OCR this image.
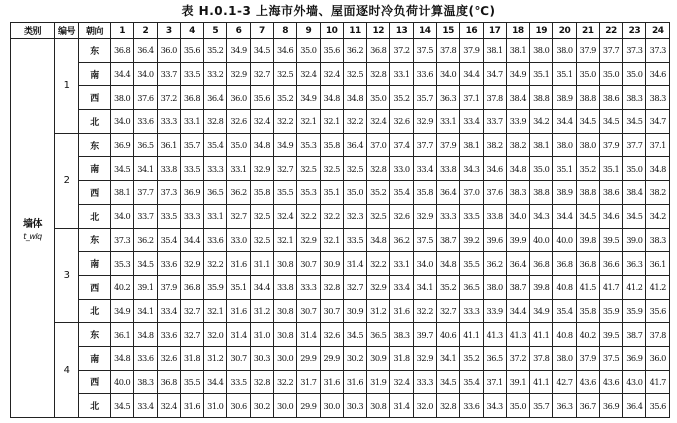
表 H.0.1-3 上海市外墙、屋面逐时冷负荷计算温度(℃)
类别	编号	朝向	1	2	3	4	5	6	7	8	9	10	11	12	13	14	15	16	17	18	19	20	21	22	23	24
墙体
t_wlq	1	东	36.8	36.4	36.0	35.6	35.2	34.9	34.5	34.6	35.0	35.6	36.2	36.8	37.2	37.5	37.8	37.9	38.1	38.1	38.0	38.0	37.9	37.7	37.3	37.3
		南	34.4	34.0	33.7	33.5	33.2	32.9	32.7	32.5	32.4	32.4	32.5	32.8	33.1	33.6	34.0	34.4	34.7	34.9	35.1	35.1	35.0	35.0	35.0	34.6
		西	38.0	37.6	37.2	36.8	36.4	36.0	35.6	35.2	34.9	34.8	34.8	35.0	35.2	35.7	36.3	37.1	37.8	38.4	38.8	38.9	38.8	38.6	38.3	38.3
		北	34.0	33.6	33.3	33.1	32.8	32.6	32.4	32.2	32.1	32.1	32.2	32.4	32.6	32.9	33.1	33.4	33.7	33.9	34.2	34.4	34.5	34.5	34.5	34.7
	2	东	36.9	36.5	36.1	35.7	35.4	35.0	34.8	34.9	35.3	35.8	36.4	37.0	37.4	37.7	37.9	38.1	38.2	38.2	38.1	38.0	38.0	37.9	37.7	37.1
		南	34.5	34.1	33.8	33.5	33.3	33.1	32.9	32.7	32.5	32.5	32.5	32.8	33.0	33.4	33.8	34.3	34.6	34.8	35.0	35.1	35.2	35.1	35.0	34.8
		西	38.1	37.7	37.3	36.9	36.5	36.2	35.8	35.5	35.3	35.1	35.0	35.2	35.4	35.8	36.4	37.0	37.6	38.3	38.8	38.9	38.8	38.6	38.4	38.2
		北	34.0	33.7	33.5	33.3	33.1	32.7	32.5	32.4	32.2	32.2	32.3	32.5	32.6	32.9	33.3	33.5	33.8	34.0	34.3	34.4	34.5	34.6	34.5	34.2
	3	东	37.3	36.2	35.4	34.4	33.6	33.0	32.5	32.1	32.9	32.1	33.5	34.8	36.2	37.5	38.7	39.2	39.6	39.9	40.0	40.0	39.8	39.5	39.0	38.3
		南	35.3	34.5	33.6	32.9	32.2	31.6	31.1	30.8	30.7	30.9	31.4	32.2	33.1	34.0	34.8	35.5	36.2	36.4	36.8	36.8	36.8	36.6	36.3	36.1
		西	40.2	39.1	37.9	36.8	35.9	35.1	34.4	33.8	33.3	32.8	32.7	32.9	33.4	34.1	35.2	36.5	38.0	38.7	39.8	40.8	41.5	41.7	41.2	41.2
		北	34.9	34.1	33.4	32.7	32.1	31.6	31.2	30.8	30.7	30.7	30.9	31.2	31.6	32.2	32.7	33.3	33.9	34.4	34.9	35.4	35.8	35.9	35.9	35.6
	4	东	36.1	34.8	33.6	32.7	32.0	31.4	31.0	30.8	31.4	32.6	34.5	36.5	38.3	39.7	40.6	41.1	41.3	41.3	41.1	40.8	40.2	39.5	38.7	37.8
		南	34.8	33.6	32.6	31.8	31.2	30.7	30.3	30.0	29.9	29.9	30.2	30.9	31.8	32.9	34.1	35.2	36.5	37.2	37.8	38.0	37.9	37.5	36.9	36.0
		西	40.0	38.3	36.8	35.5	34.4	33.5	32.8	32.2	31.7	31.6	31.6	31.9	32.4	33.3	34.5	35.4	37.1	39.1	41.1	42.7	43.6	43.6	43.0	41.7
		北	34.5	33.4	32.4	31.6	31.0	30.6	30.2	30.0	29.9	30.0	30.3	30.8	31.4	32.0	32.8	33.6	34.3	35.0	35.7	36.3	36.7	36.9	36.4	35.6
